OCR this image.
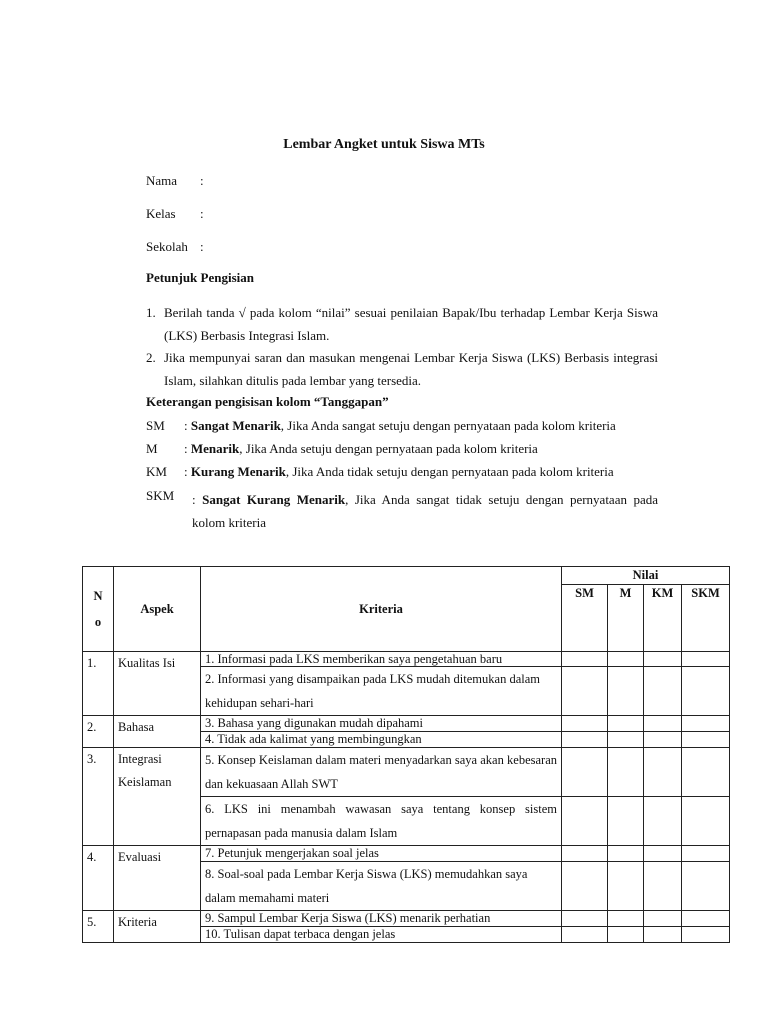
Lembar Angket untuk Siswa MTs
Nama :
Kelas :
Sekolah :
Petunjuk Pengisian
1. Berilah tanda √ pada kolom “nilai” sesuai penilaian Bapak/Ibu terhadap Lembar Kerja Siswa (LKS) Berbasis Integrasi Islam.
2. Jika mempunyai saran dan masukan mengenai Lembar Kerja Siswa (LKS) Berbasis integrasi Islam, silahkan ditulis pada lembar yang tersedia.
Keterangan pengisisan kolom “Tanggapan”
SM : Sangat Menarik, Jika Anda sangat setuju dengan pernyataan pada kolom kriteria
M : Menarik, Jika Anda setuju dengan pernyataan pada kolom kriteria
KM : Kurang Menarik, Jika Anda tidak setuju dengan pernyataan pada kolom kriteria
SKM : Sangat Kurang Menarik, Jika Anda sangat tidak setuju dengan pernyataan pada kolom kriteria
N
o	Aspek	Kriteria	Nilai			
			SM	M	KM	SKM
1.	Kualitas Isi	1. Informasi pada LKS memberikan saya pengetahuan baru				
		2. Informasi yang disampaikan pada LKS mudah ditemukan dalam kehidupan sehari-hari				
2.	Bahasa	3. Bahasa yang digunakan mudah dipahami				
		4. Tidak ada kalimat yang membingungkan				
3.	Integrasi Keislaman	5. Konsep Keislaman dalam materi menyadarkan saya akan kebesaran dan kekuasaan Allah SWT				
		6. LKS ini menambah wawasan saya tentang konsep sistem pernapasan pada manusia dalam Islam				
4.	Evaluasi	7. Petunjuk mengerjakan soal jelas				
		8. Soal-soal pada Lembar Kerja Siswa (LKS) memudahkan saya dalam memahami materi				
5.	Kriteria	9. Sampul Lembar Kerja Siswa (LKS) menarik perhatian				
		10. Tulisan dapat terbaca dengan jelas				
